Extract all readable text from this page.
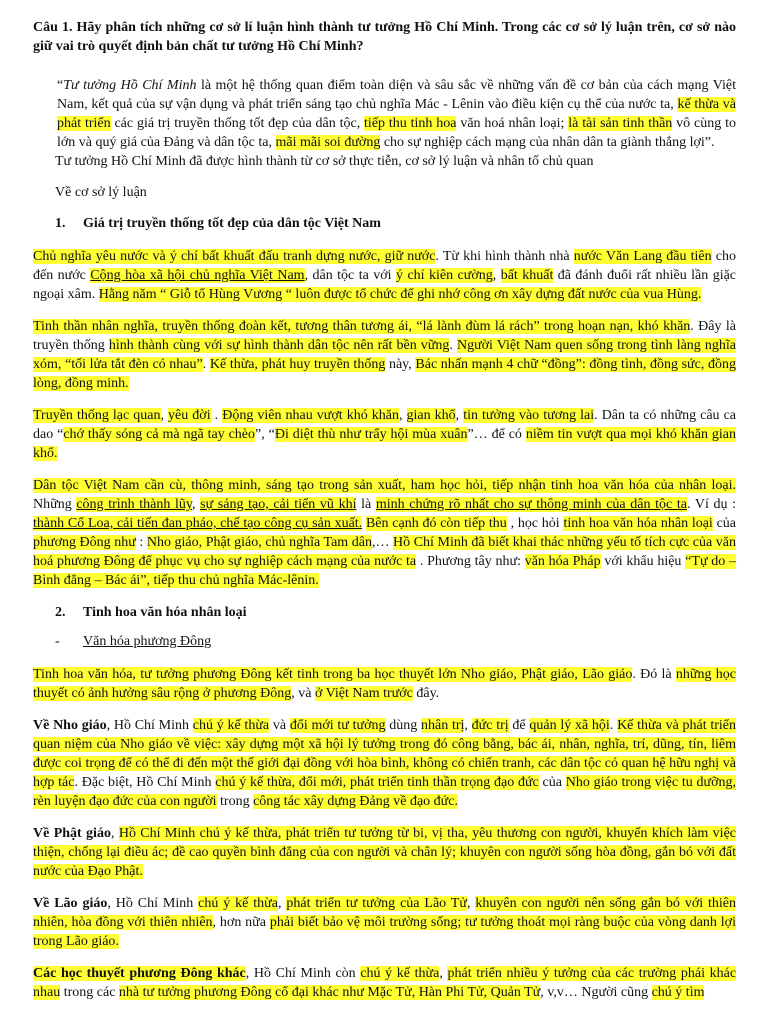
Câu 1. Hãy phân tích những cơ sở lí luận hình thành tư tưởng Hồ Chí Minh. Trong các cơ sở lý luận trên, cơ sở nào giữ vai trò quyết định bản chất tư tưởng Hồ Chí Minh?

“Tư tưởng Hồ Chí Minh là một hệ thống quan điểm toàn diện và sâu sắc về những vấn đề cơ bản của cách mạng Việt Nam, kết quả của sự vận dụng và phát triển sáng tạo chủ nghĩa Mác - Lênin vào điều kiện cụ thể của nước ta, kế thừa và phát triển các giá trị truyền thống tốt đẹp của dân tộc, tiếp thu tinh hoa văn hoá nhân loại; là tài sản tinh thần vô cùng to lớn và quý giá của Đảng và dân tộc ta, mãi mãi soi đường cho sự nghiệp cách mạng của nhân dân ta giành thắng lợi”.

Tư tưởng Hồ Chí Minh đã được hình thành từ cơ sở thực tiễn, cơ sở lý luận và nhân tố chủ quan

Về cơ sở lý luận

1. Giá trị truyền thống tốt đẹp của dân tộc Việt Nam

Chủ nghĩa yêu nước và ý chí bất khuất đấu tranh dựng nước, giữ nước. Từ khi hình thành nhà nước Văn Lang đầu tiên cho đến nước Cộng hòa xã hội chủ nghĩa Việt Nam, dân tộc ta với ý chí kiên cường, bất khuất đã đánh đuổi rất nhiều lần giặc ngoại xâm. Hằng năm “ Giỗ tổ Hùng Vương “ luôn được tổ chức để ghi nhớ công ơn xây dựng đất nước của vua Hùng.

Tinh thần nhân nghĩa, truyền thống đoàn kết, tương thân tương ái, “lá lành đùm lá rách” trong hoạn nạn, khó khăn. Đây là truyền thống hình thành cùng với sự hình thành dân tộc nên rất bền vững. Người Việt Nam quen sống trong tình làng nghĩa xóm, “tối lửa tắt đèn có nhau”. Kế thừa, phát huy truyền thống này, Bác nhấn mạnh 4 chữ “đồng”: đồng tình, đồng sức, đồng lòng, đồng minh.

Truyền thống lạc quan, yêu đời . Động viên nhau vượt khó khăn, gian khổ, tin tưởng vào tương lai. Dân ta có những câu ca dao “chớ thấy sóng cả mà ngã tay chèo”, “Đi diệt thù như trẩy hội mùa xuân”… để có niềm tin vượt qua mọi khó khăn gian khổ.

Dân tộc Việt Nam cần cù, thông minh, sáng tạo trong sản xuất, ham học hỏi, tiếp nhận tinh hoa văn hóa của nhân loại. Những công trình thành lũy, sự sáng tạo, cải tiến vũ khí là minh chứng rõ nhất cho sự thông minh của dân tộc ta. Ví dụ : thành Cổ Loa, cải tiến đan pháo, chế tạo công cụ sản xuất. Bên cạnh đó còn tiếp thu , học hỏi tinh hoa văn hóa nhân loại của phương Đông như : Nho giáo, Phật giáo, chủ nghĩa Tam dân,… Hồ Chí Minh đã biết khai thác những yếu tố tích cực của văn hoá phương Đông để phục vụ cho sự nghiệp cách mạng của nước ta . Phương tây như: văn hóa Pháp với khẩu hiệu “Tự do – Bình đẳng – Bác ái”, tiếp thu chủ nghĩa Mác-lênin.

2. Tinh hoa văn hóa nhân loại
-	Văn hóa phương Đông

Tinh hoa văn hóa, tư tưởng phương Đông kết tinh trong ba học thuyết lớn Nho giáo, Phật giáo, Lão giáo. Đó là những học thuyết có ảnh hưởng sâu rộng ở phương Đông, và ở Việt Nam trước đây.

Về Nho giáo, Hồ Chí Minh chú ý kế thừa và đổi mới tư tưởng dùng nhân trị, đức trị để quản lý xã hội. Kế thừa và phát triển quan niệm của Nho giáo về việc: xây dựng một xã hội lý tưởng trong đó công bằng, bác ái, nhân, nghĩa, trí, dũng, tín, liêm được coi trọng để có thể đi đến một thế giới đại đồng với hòa bình, không có chiến tranh, các dân tộc có quan hệ hữu nghị và hợp tác. Đặc biệt, Hồ Chí Minh chú ý kế thừa, đổi mới, phát triển tinh thần trọng đạo đức của Nho giáo trong việc tu dưỡng, rèn luyện đạo đức của con người trong công tác xây dựng Đảng về đạo đức.

Về Phật giáo, Hồ Chí Minh chú ý kế thừa, phát triển tư tưởng từ bi, vị tha, yêu thương con người, khuyến khích làm việc thiện, chống lại điều ác; đề cao quyền bình đẳng của con người và chân lý; khuyên con người sống hòa đồng, gắn bó với đất nước của Đạo Phật.

Về Lão giáo, Hồ Chí Minh chú ý kế thừa, phát triển tư tưởng của Lão Tử, khuyên con người nên sống gắn bó với thiên nhiên, hòa đồng với thiên nhiên, hơn nữa phải biết bảo vệ môi trường sống; tư tưởng thoát mọi ràng buộc của vòng danh lợi trong Lão giáo.

Các học thuyết phương Đông khác, Hồ Chí Minh còn chú ý kế thừa, phát triển nhiều ý tưởng của các trường phái khác nhau trong các nhà tư tưởng phương Đông cổ đại khác như Mặc Tử, Hàn Phi Tử, Quản Tử, v,v… Người cũng chú ý tìm
